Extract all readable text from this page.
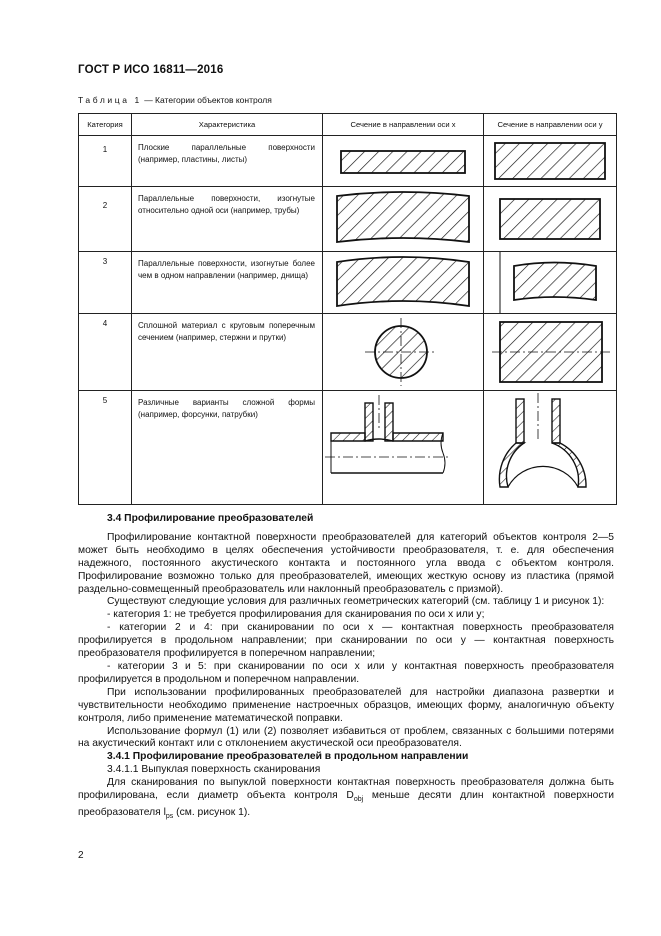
ГОСТ Р ИСО 16811—2016
Таблица 1 — Категории объектов контроля
Категория	Характеристика	Сечение в направлении оси x	Сечение в направлении оси y
1	Плоские параллельные поверхности (например, пластины, листы)

2	Параллельные поверхности, изогнутые относительно одной оси (например, трубы)

3	Параллельные поверхности, изогнутые более чем в одном направлении (например, днища)

4	Сплошной материал с круговым поперечным сечением (например, стержни и прутки)

5	Различные варианты сложной формы (например, форсунки, патрубки)

3.4 Профилирование преобразователей

Профилирование контактной поверхности преобразователей для категорий объектов контроля 2—5 может быть необходимо в целях обеспечения устойчивости преобразователя, т. е. для обеспечения надежного, постоянного акустического контакта и постоянного угла ввода с объектом контроля. Профилирование возможно только для преобразователей, имеющих жесткую основу из пластика (прямой раздельно-совмещенный преобразователь или наклонный преобразователь с призмой).

Существуют следующие условия для различных геометрических категорий (см. таблицу 1 и рисунок 1):

- категория 1: не требуется профилирования для сканирования по оси x или y;

- категории 2 и 4: при сканировании по оси x — контактная поверхность преобразователя профилируется в продольном направлении; при сканировании по оси y — контактная поверхность преобразователя профилируется в поперечном направлении;

- категории 3 и 5: при сканировании по оси x или y контактная поверхность преобразователя профилируется в продольном и поперечном направлении.

При использовании профилированных преобразователей для настройки диапазона развертки и чувствительности необходимо применение настроечных образцов, имеющих форму, аналогичную объекту контроля, либо применение математической поправки.

Использование формул (1) или (2) позволяет избавиться от проблем, связанных с большими потерями на акустический контакт или с отклонением акустической оси преобразователя.

3.4.1 Профилирование преобразователей в продольном направлении

3.4.1.1 Выпуклая поверхность сканирования

Для сканирования по выпуклой поверхности контактная поверхность преобразователя должна быть профилирована, если диаметр объекта контроля $D_{obj}$ меньше десяти длин контактной поверхности преобразователя $l_{ps}$ (см. рисунок 1).

2
